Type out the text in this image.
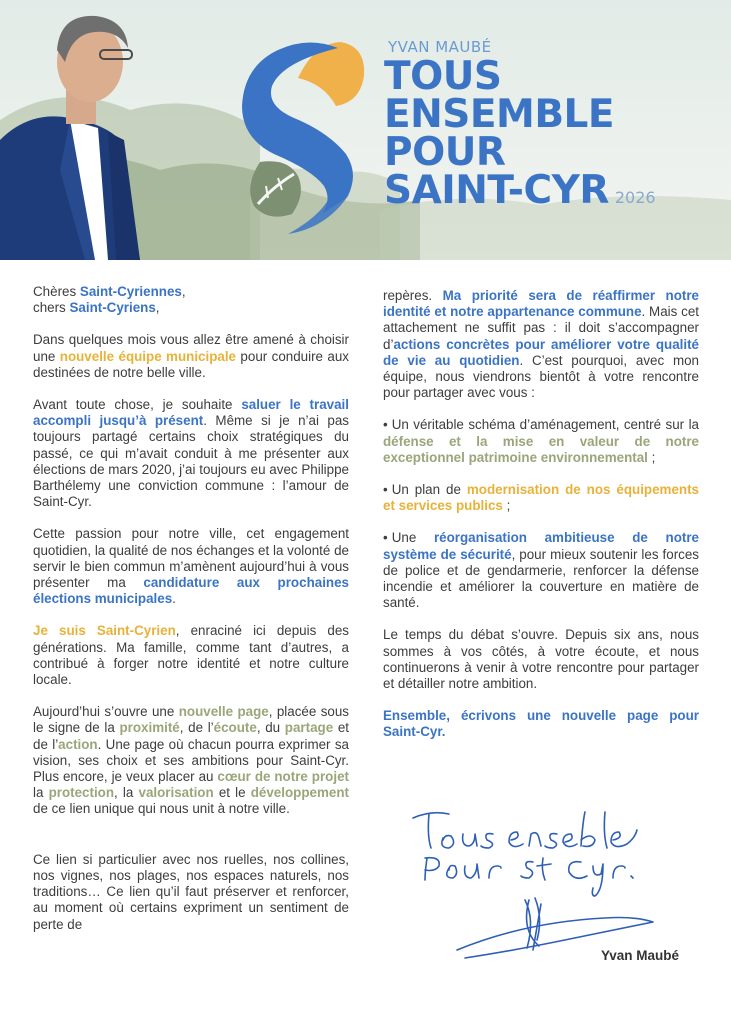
YVAN MAUBÉ
TOUS
ENSEMBLE
POUR
SAINT-CYR 2026

Chères Saint-Cyriennes,
chers Saint-Cyriens,

Dans quelques mois vous allez être amené à choisir une nouvelle équipe municipale pour conduire aux destinées de notre belle ville.

Avant toute chose, je souhaite saluer le travail accompli jusqu’à présent. Même si je n’ai pas toujours partagé certains choix stratégiques du passé, ce qui m’avait conduit à me présenter aux élections de mars 2020, j’ai toujours eu avec Philippe Barthélemy une conviction commune : l’amour de Saint-Cyr.

Cette passion pour notre ville, cet engagement quotidien, la qualité de nos échanges et la volonté de servir le bien commun m’amènent aujourd’hui à vous présenter ma candidature aux prochaines élections municipales.

Je suis Saint-Cyrien, enraciné ici depuis des générations. Ma famille, comme tant d’autres, a contribué à forger notre identité et notre culture locale.

Aujourd’hui s’ouvre une nouvelle page, placée sous le signe de la proximité, de l’écoute, du partage et de l’action. Une page où chacun pourra exprimer sa vision, ses choix et ses ambitions pour Saint-Cyr. Plus encore, je veux placer au cœur de notre projet la protection, la valorisation et le développement de ce lien unique qui nous unit à notre ville.

Ce lien si particulier avec nos ruelles, nos collines, nos vignes, nos plages, nos espaces naturels, nos traditions… Ce lien qu’il faut préserver et renforcer, au moment où certains expriment un sentiment de perte de

repères. Ma priorité sera de réaffirmer notre identité et notre appartenance commune. Mais cet attachement ne suffit pas : il doit s’accompagner d’actions concrètes pour améliorer votre qualité de vie au quotidien. C’est pourquoi, avec mon équipe, nous viendrons bientôt à votre rencontre pour partager avec vous :

• Un véritable schéma d’aménagement, centré sur la défense et la mise en valeur de notre exceptionnel patrimoine environnemental ;

• Un plan de modernisation de nos équipements et services publics ;

• Une réorganisation ambitieuse de notre système de sécurité, pour mieux soutenir les forces de police et de gendarmerie, renforcer la défense incendie et améliorer la couverture en matière de santé.

Le temps du débat s’ouvre. Depuis six ans, nous sommes à vos côtés, à votre écoute, et nous continuerons à venir à votre rencontre pour partager et détailler notre ambition.

Ensemble, écrivons une nouvelle page pour Saint-Cyr.

Yvan Maubé
